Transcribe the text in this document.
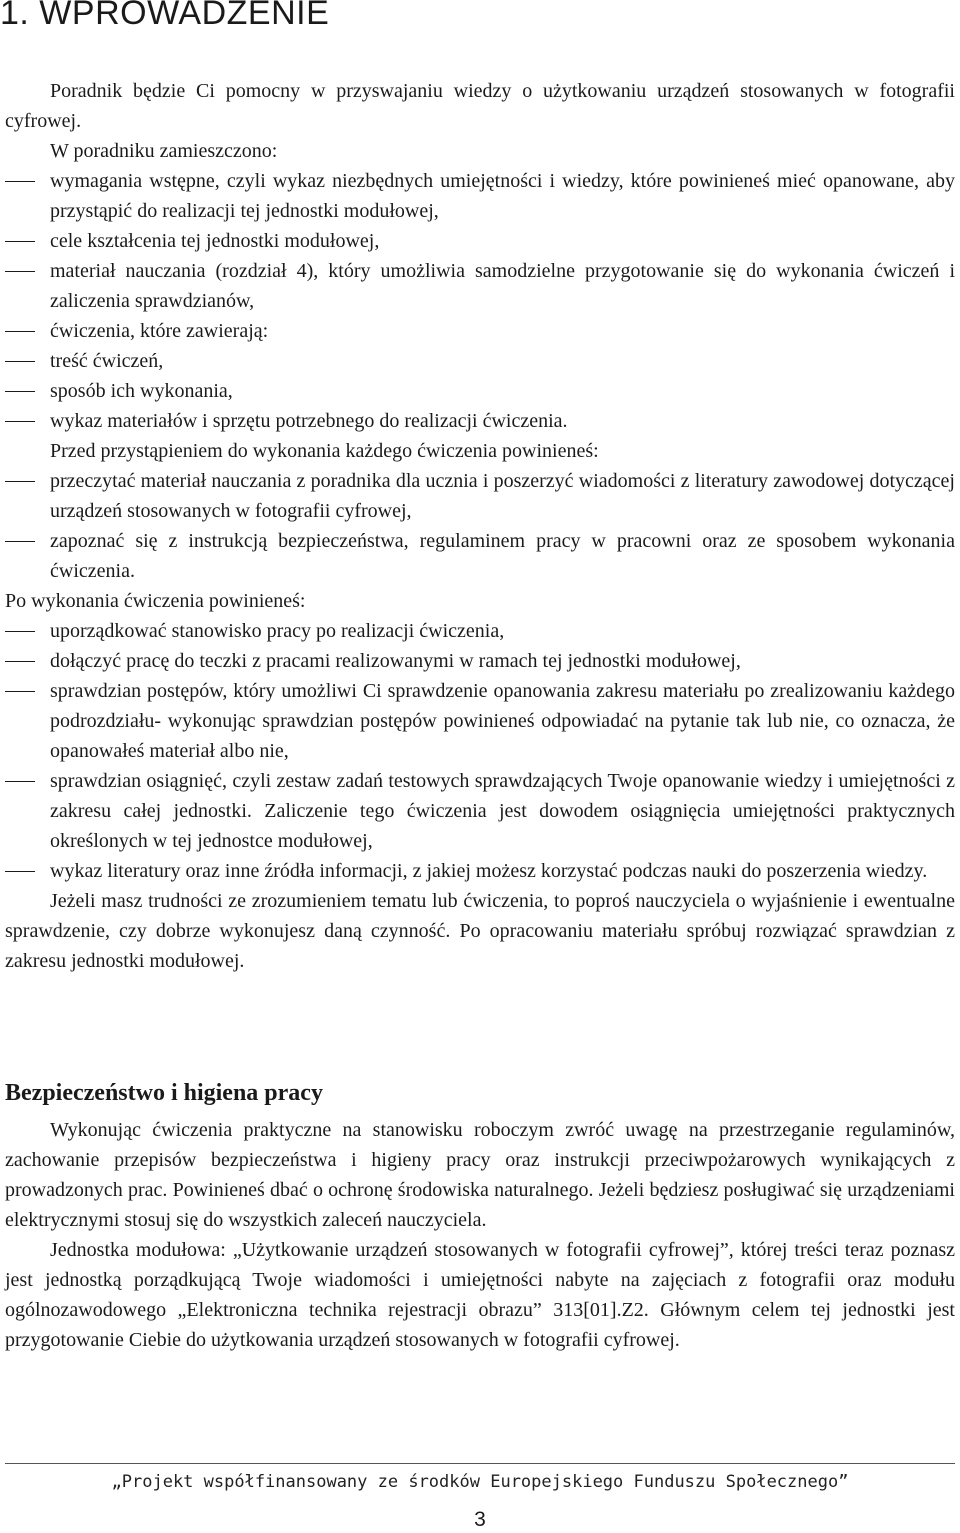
1. WPROWADZENIE

Poradnik będzie Ci pomocny w przyswajaniu wiedzy o użytkowaniu urządzeń stosowanych w fotografii cyfrowej.

W poradniku zamieszczono:

wymagania wstępne, czyli wykaz niezbędnych umiejętności i wiedzy, które powinieneś mieć opanowane, aby przystąpić do realizacji tej jednostki modułowej,
cele kształcenia tej jednostki modułowej,
materiał nauczania (rozdział 4), który umożliwia samodzielne przygotowanie się do wykonania ćwiczeń i zaliczenia sprawdzianów,
ćwiczenia, które zawierają:
treść ćwiczeń,
sposób ich wykonania,
wykaz materiałów i sprzętu potrzebnego do realizacji ćwiczenia.

Przed przystąpieniem do wykonania każdego ćwiczenia powinieneś:

przeczytać materiał nauczania z poradnika dla ucznia i poszerzyć wiadomości z literatury zawodowej dotyczącej urządzeń stosowanych w fotografii cyfrowej,
zapoznać się z instrukcją bezpieczeństwa, regulaminem pracy w pracowni oraz ze sposobem wykonania ćwiczenia.

Po wykonania ćwiczenia powinieneś:

uporządkować stanowisko pracy po realizacji ćwiczenia,
dołączyć pracę do teczki z pracami realizowanymi w ramach tej jednostki modułowej,
sprawdzian postępów, który umożliwi Ci sprawdzenie opanowania zakresu materiału po zrealizowaniu każdego podrozdziału- wykonując sprawdzian postępów powinieneś odpowiadać na pytanie tak lub nie, co oznacza, że opanowałeś materiał albo nie,
sprawdzian osiągnięć, czyli zestaw zadań testowych sprawdzających Twoje opanowanie wiedzy i umiejętności z zakresu całej jednostki. Zaliczenie tego ćwiczenia jest dowodem osiągnięcia umiejętności praktycznych określonych w tej jednostce modułowej,
wykaz literatury oraz inne źródła informacji, z jakiej możesz korzystać podczas nauki do poszerzenia wiedzy.

Jeżeli masz trudności ze zrozumieniem tematu lub ćwiczenia, to poproś nauczyciela o wyjaśnienie i ewentualne sprawdzenie, czy dobrze wykonujesz daną czynność. Po opracowaniu materiału spróbuj rozwiązać sprawdzian z zakresu jednostki modułowej.

Bezpieczeństwo i higiena pracy

Wykonując ćwiczenia praktyczne na stanowisku roboczym zwróć uwagę na przestrzeganie regulaminów, zachowanie przepisów bezpieczeństwa i higieny pracy oraz instrukcji przeciwpożarowych wynikających z prowadzonych prac. Powinieneś dbać o ochronę środowiska naturalnego. Jeżeli będziesz posługiwać się urządzeniami elektrycznymi stosuj się do wszystkich zaleceń nauczyciela.

Jednostka modułowa: „Użytkowanie urządzeń stosowanych w fotografii cyfrowej”, której treści teraz poznasz jest jednostką porządkującą Twoje wiadomości i umiejętności nabyte na zajęciach z fotografii oraz modułu ogólnozawodowego „Elektroniczna technika rejestracji obrazu” 313[01].Z2. Głównym celem tej jednostki jest przygotowanie Ciebie do użytkowania urządzeń stosowanych w fotografii cyfrowej.

„Projekt współfinansowany ze środków Europejskiego Funduszu Społecznego”
3
